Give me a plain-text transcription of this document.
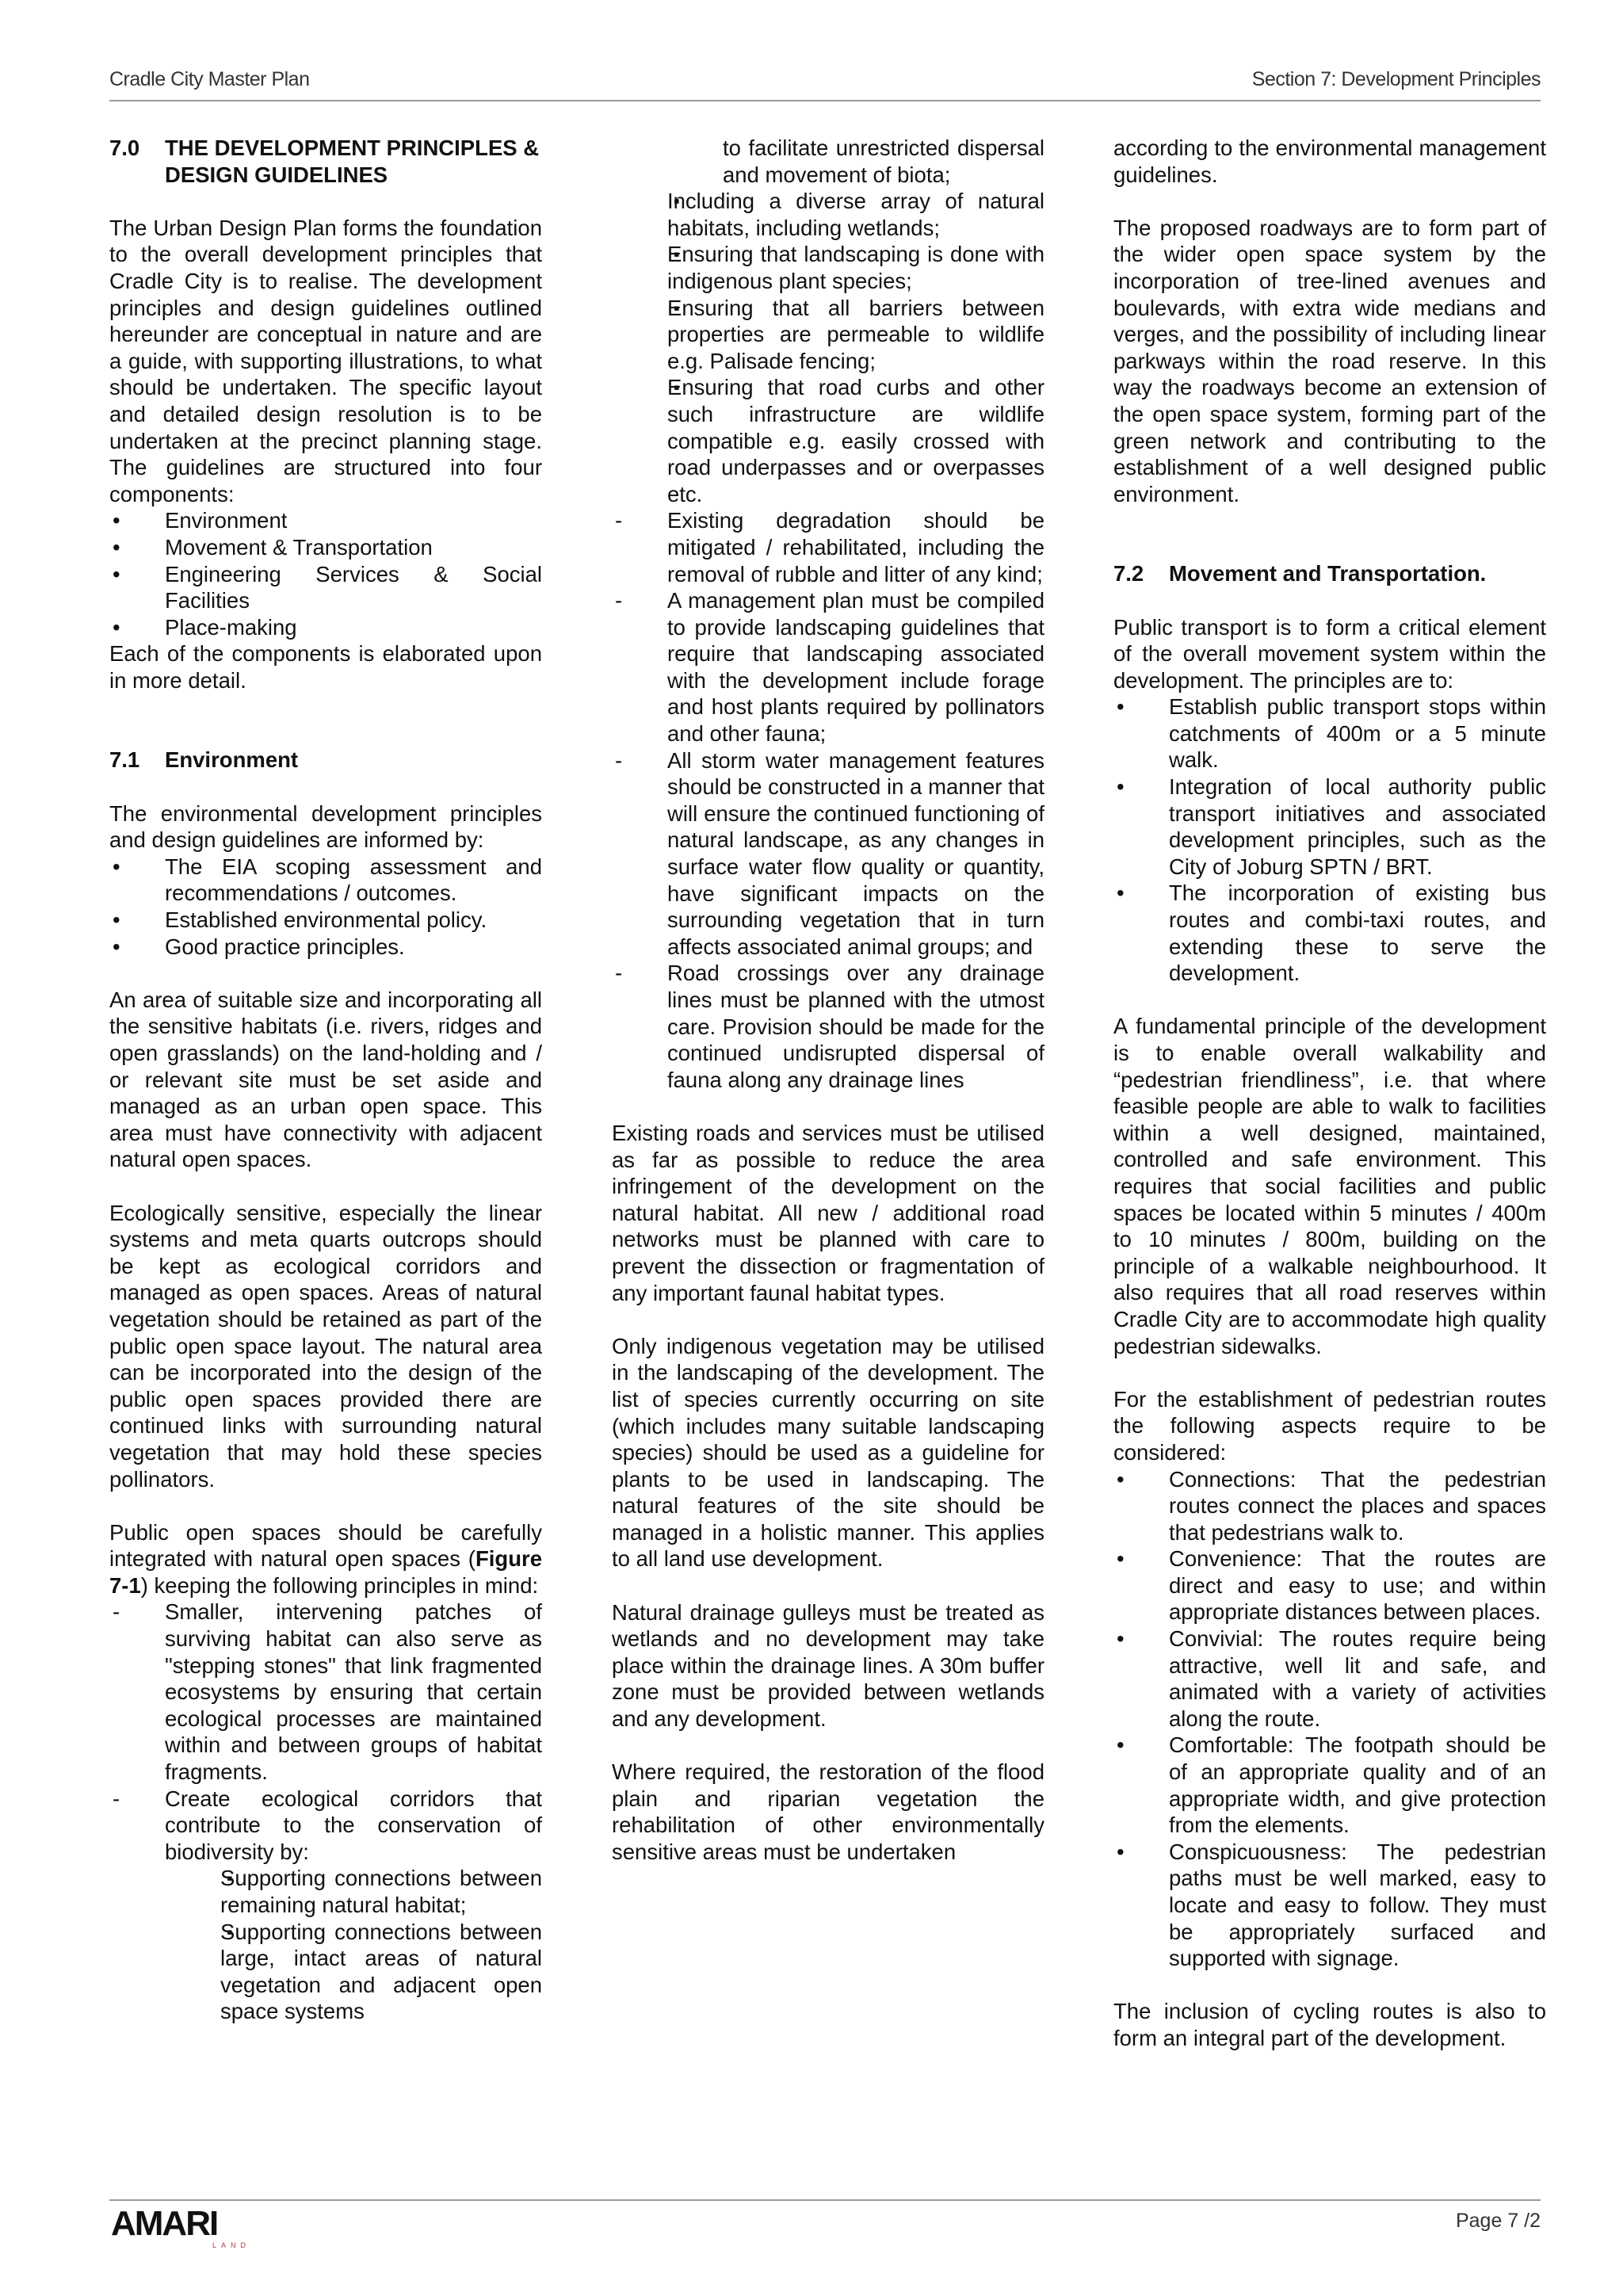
Cradle City Master Plan	Section 7: Development Principles
7.0	THE DEVELOPMENT PRINCIPLES & DESIGN GUIDELINES

The Urban Design Plan forms the foundation to the overall development principles that Cradle City is to realise. The development principles and design guidelines outlined hereunder are conceptual in nature and are a guide, with supporting illustrations, to what should be undertaken. The specific layout and detailed design resolution is to be undertaken at the precinct planning stage. The guidelines are structured into four components:

• Environment
• Movement & Transportation
• Engineering Services & Social Facilities
• Place-making

Each of the components is elaborated upon in more detail.

7.1	Environment

The environmental development principles and design guidelines are informed by:

• The EIA scoping assessment and recommendations / outcomes.
• Established environmental policy.
• Good practice principles.

An area of suitable size and incorporating all the sensitive habitats (i.e. rivers, ridges and open grasslands) on the land-holding and / or relevant site must be set aside and managed as an urban open space. This area must have connectivity with adjacent natural open spaces.

Ecologically sensitive, especially the linear systems and meta quarts outcrops should be kept as ecological corridors and managed as open spaces. Areas of natural vegetation should be retained as part of the public open space layout. The natural area can be incorporated into the design of the public open spaces provided there are continued links with surrounding natural vegetation that may hold these species pollinators.

Public open spaces should be carefully integrated with natural open spaces (Figure 7-1) keeping the following principles in mind:

- Smaller, intervening patches of surviving habitat can also serve as "stepping stones" that link fragmented ecosystems by ensuring that certain ecological processes are maintained within and between groups of habitat fragments.
- Create ecological corridors that contribute to the conservation of biodiversity by:
▪ Supporting connections between remaining natural habitat;
▪ Supporting connections between large, intact areas of natural vegetation and adjacent open space systems
to facilitate unrestricted dispersal and movement of biota;
▪ Including a diverse array of natural habitats, including wetlands;
▪ Ensuring that landscaping is done with indigenous plant species;
▪ Ensuring that all barriers between properties are permeable to wildlife e.g. Palisade fencing;
▪ Ensuring that road curbs and other such infrastructure are wildlife compatible e.g. easily crossed with road underpasses and or overpasses etc.
- Existing degradation should be mitigated / rehabilitated, including the removal of rubble and litter of any kind;
- A management plan must be compiled to provide landscaping guidelines that require that landscaping associated with the development include forage and host plants required by pollinators and other fauna;
- All storm water management features should be constructed in a manner that will ensure the continued functioning of natural landscape, as any changes in surface water flow quality or quantity, have significant impacts on the surrounding vegetation that in turn affects associated animal groups; and
- Road crossings over any drainage lines must be planned with the utmost care. Provision should be made for the continued undisrupted dispersal of fauna along any drainage lines

Existing roads and services must be utilised as far as possible to reduce the area infringement of the development on the natural habitat. All new / additional road networks must be planned with care to prevent the dissection or fragmentation of any important faunal habitat types.

Only indigenous vegetation may be utilised in the landscaping of the development. The list of species currently occurring on site (which includes many suitable landscaping species) should be used as a guideline for plants to be used in landscaping. The natural features of the site should be managed in a holistic manner. This applies to all land use development.

Natural drainage gulleys must be treated as wetlands and no development may take place within the drainage lines. A 30m buffer zone must be provided between wetlands and any development.

Where required, the restoration of the flood plain and riparian vegetation the rehabilitation of other environmentally sensitive areas must be undertaken

according to the environmental management guidelines.

The proposed roadways are to form part of the wider open space system by the incorporation of tree-lined avenues and boulevards, with extra wide medians and verges, and the possibility of including linear parkways within the road reserve. In this way the roadways become an extension of the open space system, forming part of the green network and contributing to the establishment of a well designed public environment.

7.2	Movement and Transportation.

Public transport is to form a critical element of the overall movement system within the development. The principles are to:

• Establish public transport stops within catchments of 400m or a 5 minute walk.
• Integration of local authority public transport initiatives and associated development principles, such as the City of Joburg SPTN / BRT.
• The incorporation of existing bus routes and combi-taxi routes, and extending these to serve the development.

A fundamental principle of the development is to enable overall walkability and “pedestrian friendliness”, i.e. that where feasible people are able to walk to facilities within a well designed, maintained, controlled and safe environment. This requires that social facilities and public spaces be located within 5 minutes / 400m to 10 minutes / 800m, building on the principle of a walkable neighbourhood. It also requires that all road reserves within Cradle City are to accommodate high quality pedestrian sidewalks.

For the establishment of pedestrian routes the following aspects require to be considered:

• Connections: That the pedestrian routes connect the places and spaces that pedestrians walk to.
• Convenience: That the routes are direct and easy to use; and within appropriate distances between places.
• Convivial: The routes require being attractive, well lit and safe, and animated with a variety of activities along the route.
• Comfortable: The footpath should be of an appropriate quality and of an appropriate width, and give protection from the elements.
• Conspicuousness: The pedestrian paths must be well marked, easy to locate and easy to follow. They must be appropriately surfaced and supported with signage.

The inclusion of cycling routes is also to form an integral part of the development.

AMARI
LAND
Page 7 /2
